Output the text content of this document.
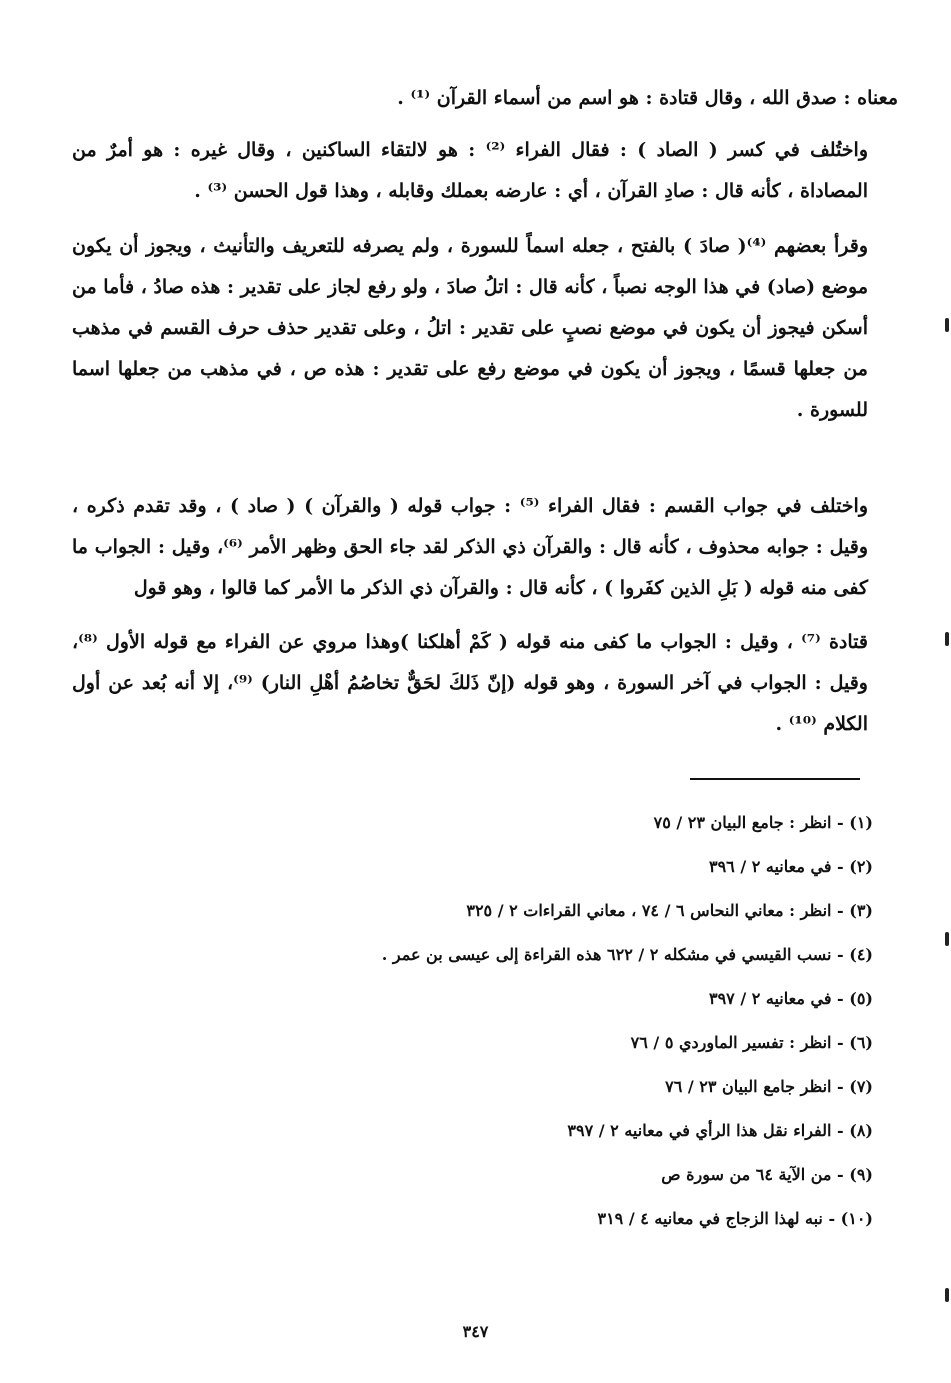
معناه : صدق الله ، وقال قتادة : هو اسم من أسماء القرآن ⁽¹⁾ .

واختُلف في كسر ( الصاد ) : فقال الفراء ⁽²⁾ : هو لالتقاء الساكنين ، وقال غيره : هو أمرٌ من المصاداة ، كأنه قال : صادِ القرآن ، أي : عارضه بعملك وقابله ، وهذا قول الحسن ⁽³⁾ .

وقرأ بعضهم ⁽⁴⁾( صادَ ) بالفتح ، جعله اسماً للسورة ، ولم يصرفه للتعريف والتأنيث ، ويجوز أن يكون موضع (صاد) في هذا الوجه نصباً ، كأنه قال : اتلُ صادَ ، ولو رفع لجاز على تقدير : هذه صادُ ، فأما من أسكن فيجوز أن يكون في موضع نصبٍ على تقدير : اتلُ ، وعلى تقدير حذف حرف القسم في مذهب من جعلها قسمًا ، ويجوز أن يكون في موضع رفع على تقدير : هذه ص ، في مذهب من جعلها اسما للسورة .

واختلف في جواب القسم : فقال الفراء ⁽⁵⁾ : جواب قوله ( والقرآن ) ( صاد ) ، وقد تقدم ذكره ، وقيل : جوابه محذوف ، كأنه قال : والقرآن ذي الذكر لقد جاء الحق وظهر الأمر ⁽⁶⁾، وقيل : الجواب ما كفى منه قوله ( بَلِ الذين كفَروا ) ، كأنه قال : والقرآن ذي الذكر ما الأمر كما قالوا ، وهو قول

قتادة ⁽⁷⁾ ، وقيل : الجواب ما كفى منه قوله ( كَمْ أهلكنا )وهذا مروي عن الفراء مع قوله الأول ⁽⁸⁾، وقيل : الجواب في آخر السورة ، وهو قوله (إنّ ذَلكَ لحَقٌّ تخاصُمُ أهْلِ النار) ⁽⁹⁾، إلا أنه بُعد عن أول الكلام ⁽¹⁰⁾ .

(١) - انظر : جامع البيان ٢٣ / ٧٥
(٢) - في معانيه ٢ / ٣٩٦
(٣) - انظر : معاني النحاس ٦ / ٧٤ ، معاني القراءات ٢ / ٣٢٥
(٤) - نسب القيسي في مشكله ٢ / ٦٢٢ هذه القراءة إلى عيسى بن عمر .
(٥) - في معانيه ٢ / ٣٩٧
(٦) - انظر : تفسير الماوردي ٥ / ٧٦
(٧) - انظر جامع البيان ٢٣ / ٧٦
(٨) - الفراء نقل هذا الرأي في معانيه ٢ / ٣٩٧
(٩) - من الآية ٦٤ من سورة ص
(١٠) - نبه لهذا الزجاج في معانيه ٤ / ٣١٩
٣٤٧
